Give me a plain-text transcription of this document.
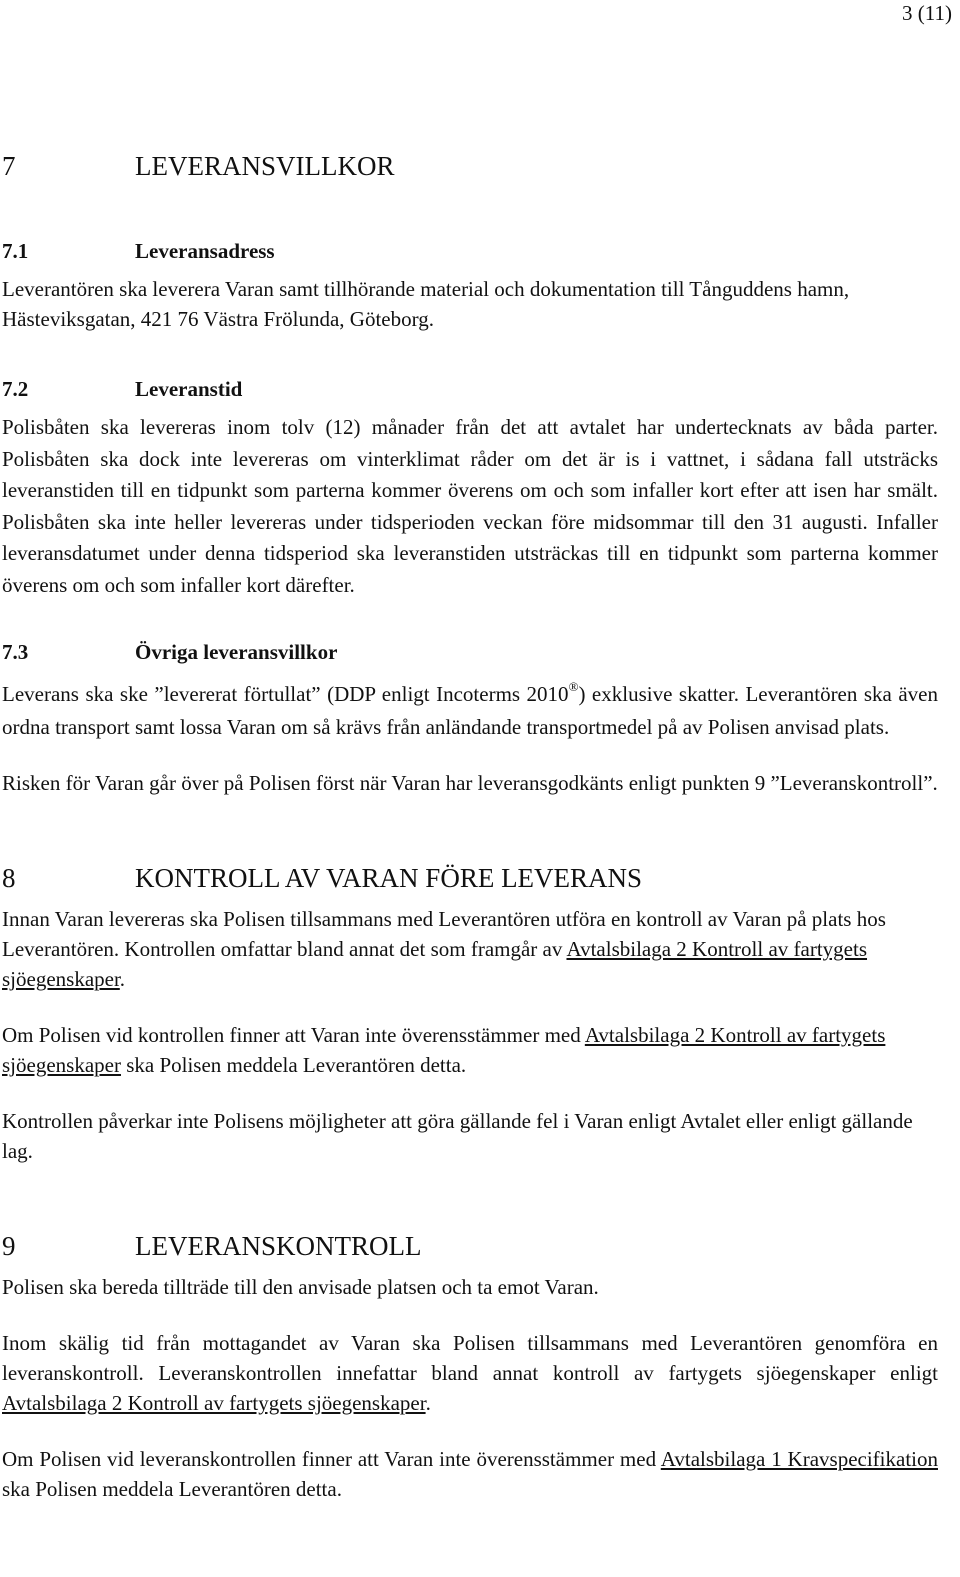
3 (11)
7	LEVERANSVILLKOR
7.1	Leveransadress

Leverantören ska leverera Varan samt tillhörande material och dokumentation till Tånguddens hamn, Hästeviksgatan, 421 76 Västra Frölunda, Göteborg.

7.2	Leveranstid

Polisbåten ska levereras inom tolv (12) månader från det att avtalet har undertecknats av båda parter. Polisbåten ska dock inte levereras om vinterklimat råder om det är is i vattnet, i sådana fall utsträcks leveranstiden till en tidpunkt som parterna kommer överens om och som infaller kort efter att isen har smält. Polisbåten ska inte heller levereras under tidsperioden veckan före midsommar till den 31 augusti. Infaller leveransdatumet under denna tidsperiod ska leveranstiden utsträckas till en tidpunkt som parterna kommer överens om och som infaller kort därefter.

7.3	Övriga leveransvillkor

Leverans ska ske ”levererat förtullat” (DDP enligt Incoterms 2010®) exklusive skatter. Leverantören ska även ordna transport samt lossa Varan om så krävs från anländande transportmedel på av Polisen anvisad plats.

Risken för Varan går över på Polisen först när Varan har leveransgodkänts enligt punkten 9 ”Leveranskontroll”.

8	KONTROLL AV VARAN FÖRE LEVERANS

Innan Varan levereras ska Polisen tillsammans med Leverantören utföra en kontroll av Varan på plats hos Leverantören. Kontrollen omfattar bland annat det som framgår av Avtalsbilaga 2 Kontroll av fartygets sjöegenskaper.

Om Polisen vid kontrollen finner att Varan inte överensstämmer med Avtalsbilaga 2 Kontroll av fartygets sjöegenskaper ska Polisen meddela Leverantören detta.

Kontrollen påverkar inte Polisens möjligheter att göra gällande fel i Varan enligt Avtalet eller enligt gällande lag.

9	LEVERANSKONTROLL

Polisen ska bereda tillträde till den anvisade platsen och ta emot Varan.

Inom skälig tid från mottagandet av Varan ska Polisen tillsammans med Leverantören genomföra en leveranskontroll. Leveranskontrollen innefattar bland annat kontroll av fartygets sjöegenskaper enligt Avtalsbilaga 2 Kontroll av fartygets sjöegenskaper.

Om Polisen vid leveranskontrollen finner att Varan inte överensstämmer med Avtalsbilaga 1 Kravspecifikation ska Polisen meddela Leverantören detta.
